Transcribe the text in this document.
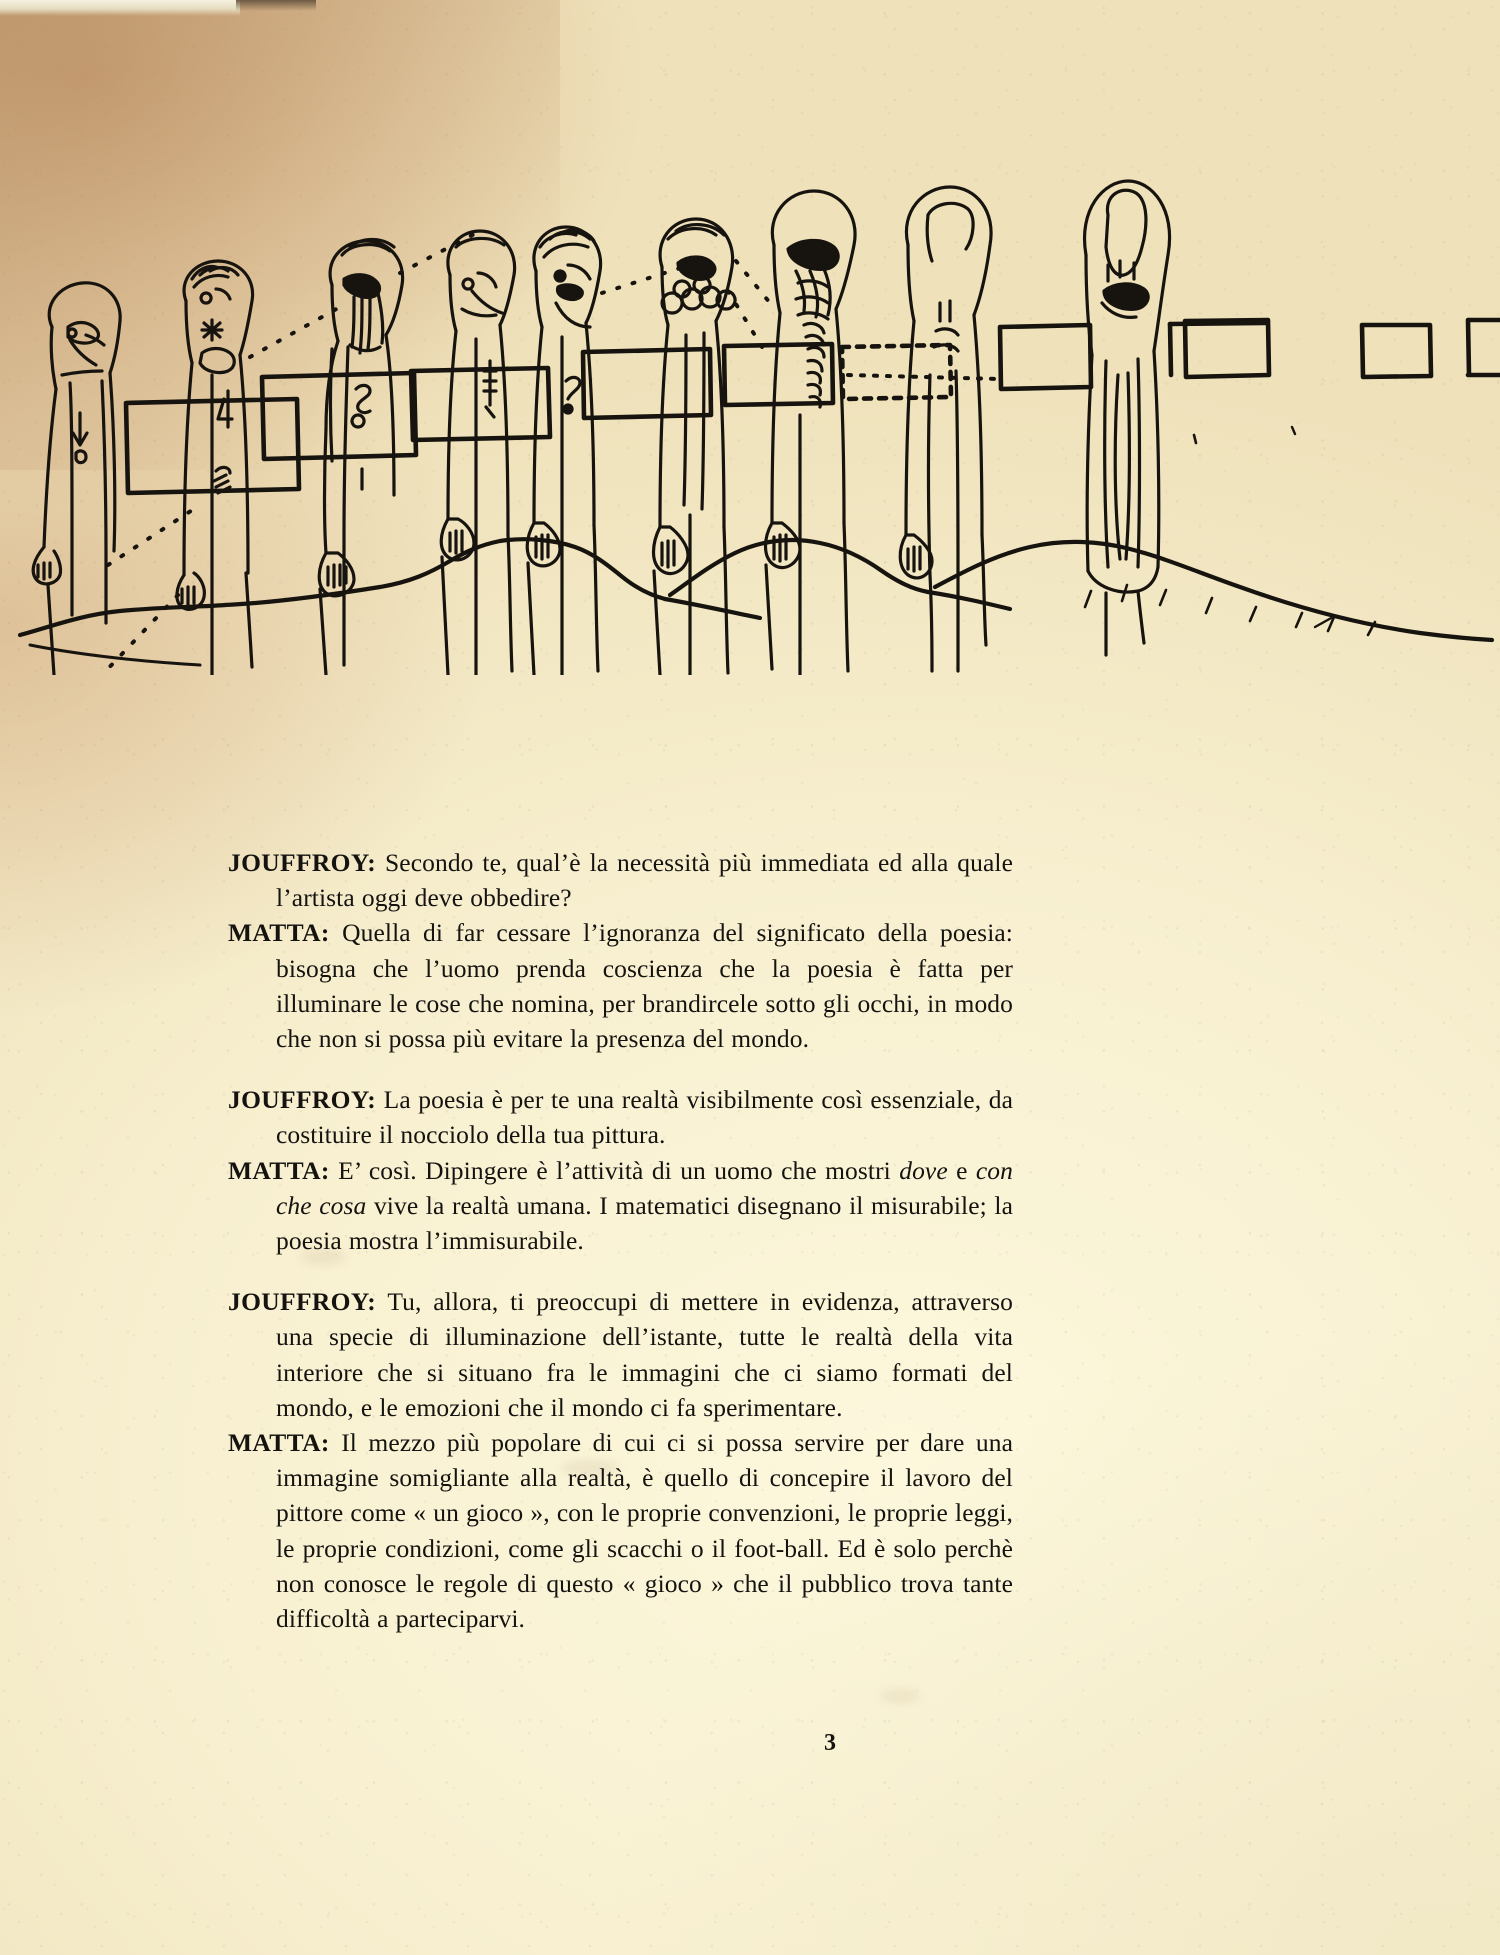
JOUFFROY: Secondo te, qual’è la necessità più immediata ed alla quale l’artista oggi deve obbedire?

MATTA: Quella di far cessare l’ignoranza del significato della poesia: bisogna che l’uomo prenda coscienza che la poesia è fatta per illuminare le cose che nomina, per brandircele sotto gli occhi, in modo che non si possa più evitare la presenza del mondo.

JOUFFROY: La poesia è per te una realtà visibilmente così essenziale, da costituire il nocciolo della tua pittura.

MATTA: E’ così. Dipingere è l’attività di un uomo che mostri dove e con che cosa vive la realtà umana. I matematici disegnano il misurabile; la poesia mostra l’immisurabile.

JOUFFROY: Tu, allora, ti preoccupi di mettere in evidenza, attraverso una specie di illuminazione dell’istante, tutte le realtà della vita interiore che si situano fra le immagini che ci siamo formati del mondo, e le emozioni che il mondo ci fa sperimentare.

MATTA: Il mezzo più popolare di cui ci si possa servire per dare una immagine somigliante alla realtà, è quello di concepire il lavoro del pittore come « un gioco », con le proprie convenzioni, le proprie leggi, le proprie condizioni, come gli scacchi o il foot-ball. Ed è solo perchè non conosce le regole di questo « gioco » che il pubblico trova tante difficoltà a parteciparvi.

3
